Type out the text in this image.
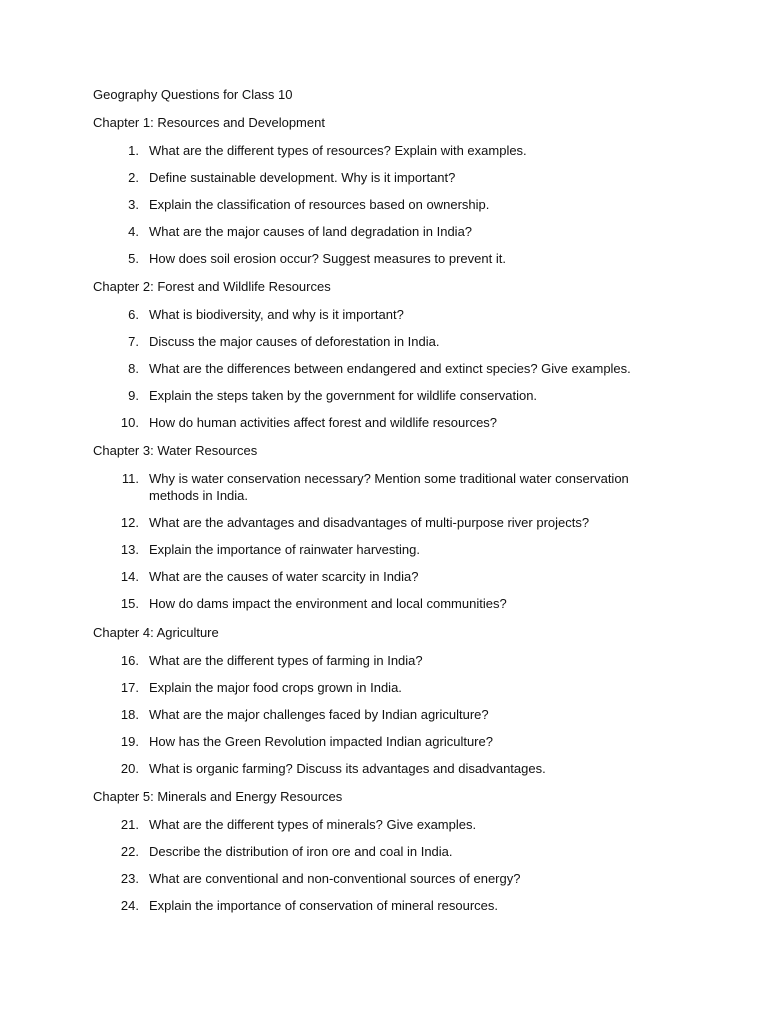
Geography Questions for Class 10
Chapter 1: Resources and Development
1. What are the different types of resources? Explain with examples.
2. Define sustainable development. Why is it important?
3. Explain the classification of resources based on ownership.
4. What are the major causes of land degradation in India?
5. How does soil erosion occur? Suggest measures to prevent it.
Chapter 2: Forest and Wildlife Resources
6. What is biodiversity, and why is it important?
7. Discuss the major causes of deforestation in India.
8. What are the differences between endangered and extinct species? Give examples.
9. Explain the steps taken by the government for wildlife conservation.
10. How do human activities affect forest and wildlife resources?
Chapter 3: Water Resources
11. Why is water conservation necessary? Mention some traditional water conservation methods in India.
12. What are the advantages and disadvantages of multi-purpose river projects?
13. Explain the importance of rainwater harvesting.
14. What are the causes of water scarcity in India?
15. How do dams impact the environment and local communities?
Chapter 4: Agriculture
16. What are the different types of farming in India?
17. Explain the major food crops grown in India.
18. What are the major challenges faced by Indian agriculture?
19. How has the Green Revolution impacted Indian agriculture?
20. What is organic farming? Discuss its advantages and disadvantages.
Chapter 5: Minerals and Energy Resources
21. What are the different types of minerals? Give examples.
22. Describe the distribution of iron ore and coal in India.
23. What are conventional and non-conventional sources of energy?
24. Explain the importance of conservation of mineral resources.
